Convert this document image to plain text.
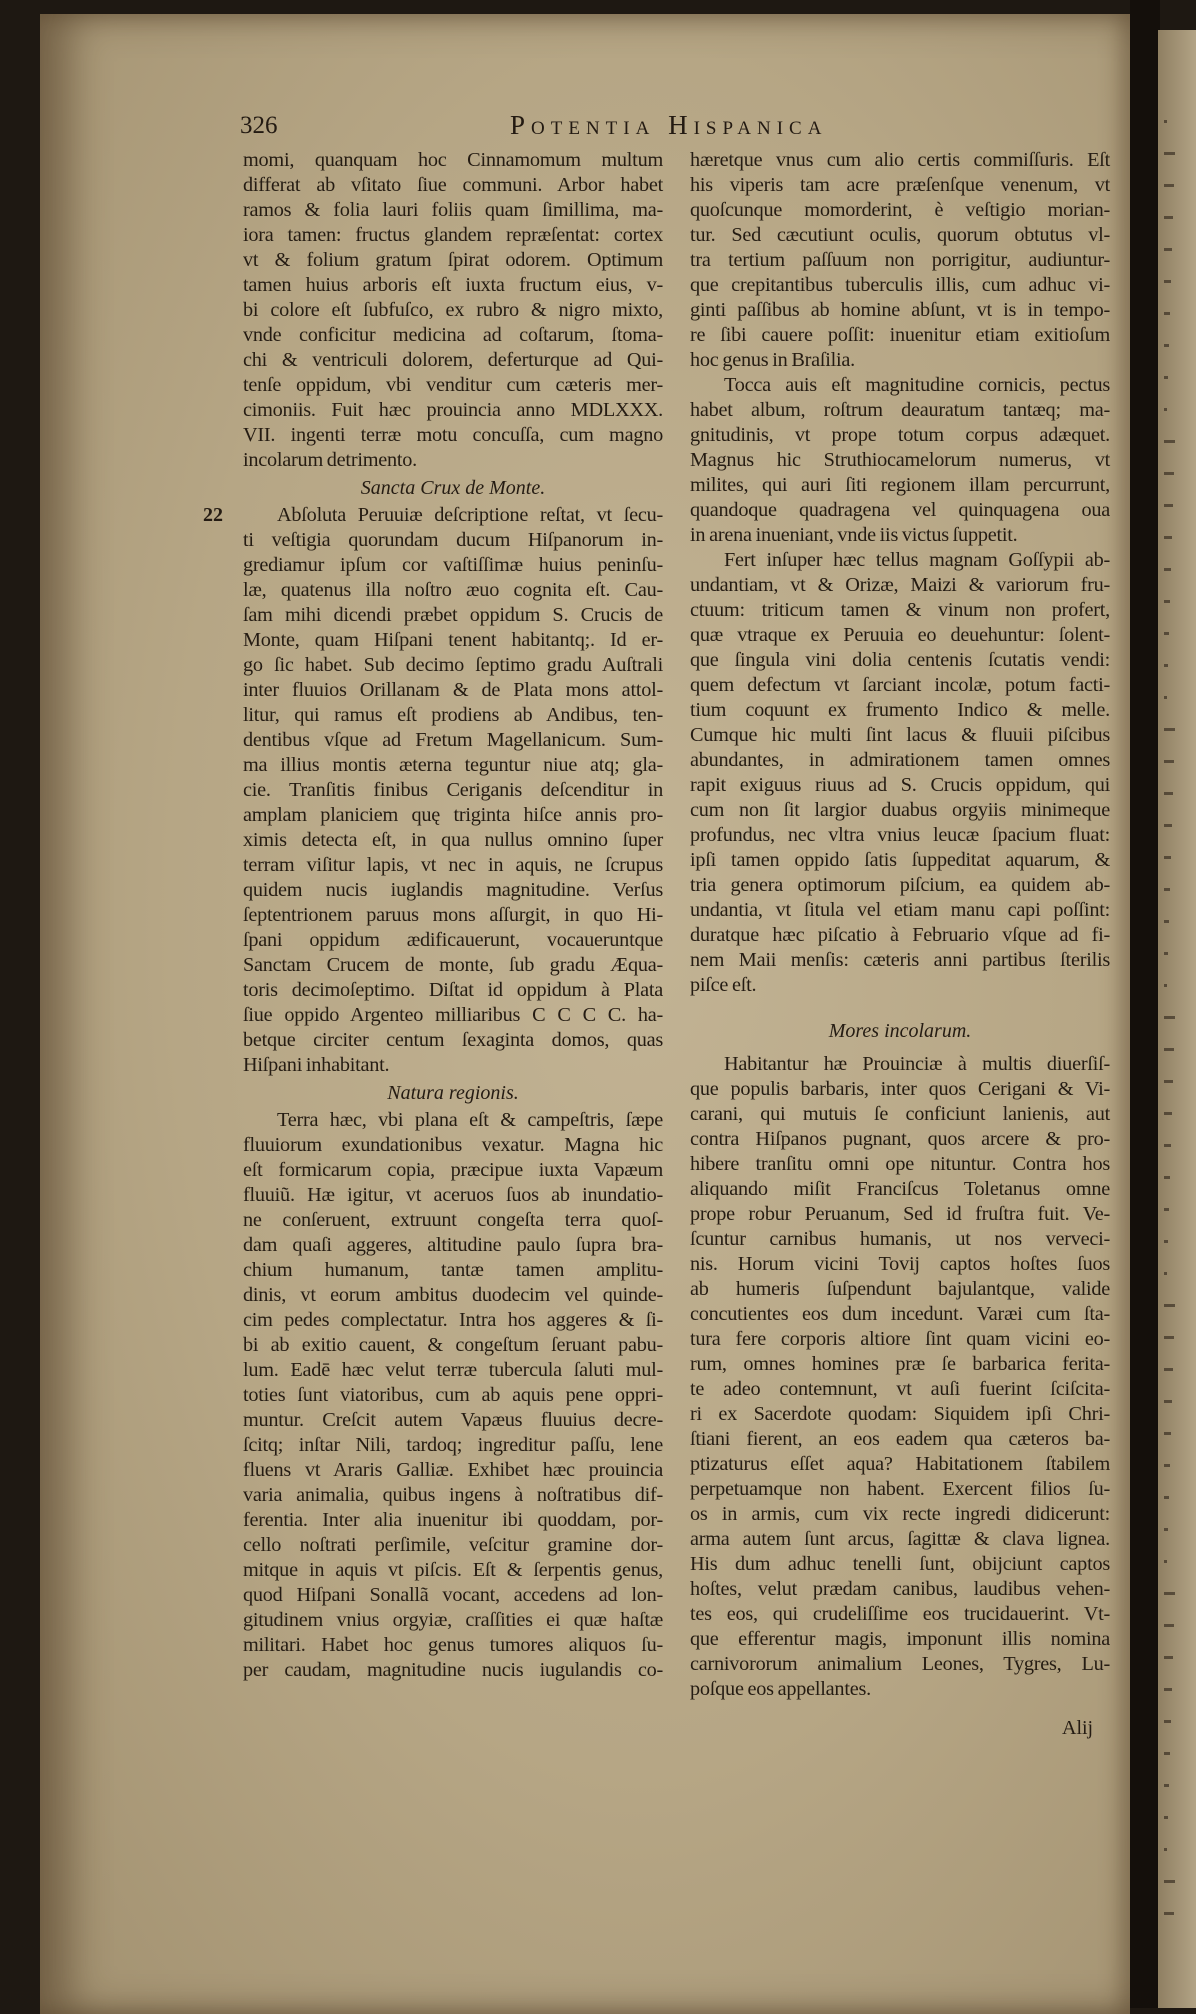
326	Potentia Hispanica
22
momi, quanquam hoc Cinnamomum multum
differat ab vſitato ſiue communi. Arbor habet
ramos & folia lauri foliis quam ſimillima, ma-
iora tamen: fructus glandem repræſentat: cortex
vt & folium gratum ſpirat odorem. Optimum
tamen huius arboris eſt iuxta fructum eius, v-
bi colore eſt ſubfuſco, ex rubro & nigro mixto,
vnde conficitur medicina ad coſtarum, ſtoma-
chi & ventriculi dolorem, deferturque ad Qui-
tenſe oppidum, vbi venditur cum cæteris mer-
cimoniis. Fuit hæc prouincia anno MDLXXX.
VII. ingenti terræ motu concuſſa, cum magno
incolarum detrimento.
Sancta Crux de Monte.
Abſoluta Peruuiæ deſcriptione reſtat, vt ſecu-
ti veſtigia quorundam ducum Hiſpanorum in-
grediamur ipſum cor vaſtiſſimæ huius peninſu-
læ, quatenus illa noſtro æuo cognita eſt. Cau-
ſam mihi dicendi præbet oppidum S. Crucis de
Monte, quam Hiſpani tenent habitantq;. Id er-
go ſic habet. Sub decimo ſeptimo gradu Auſtrali
inter fluuios Orillanam & de Plata mons attol-
litur, qui ramus eſt prodiens ab Andibus, ten-
dentibus vſque ad Fretum Magellanicum. Sum-
ma illius montis æterna teguntur niue atq; gla-
cie. Tranſitis finibus Ceriganis deſcenditur in
amplam planiciem quę triginta hiſce annis pro-
ximis detecta eſt, in qua nullus omnino ſuper
terram viſitur lapis, vt nec in aquis, ne ſcrupus
quidem nucis iuglandis magnitudine. Verſus
ſeptentrionem paruus mons aſſurgit, in quo Hi-
ſpani oppidum ædificauerunt, vocaueruntque
Sanctam Crucem de monte, ſub gradu Æqua-
toris decimoſeptimo. Diſtat id oppidum à Plata
ſiue oppido Argenteo milliaribus C C C C. ha-
betque circiter centum ſexaginta domos, quas
Hiſpani inhabitant.
Natura regionis.
Terra hæc, vbi plana eſt & campeſtris, ſæpe
fluuiorum exundationibus vexatur. Magna hic
eſt formicarum copia, præcipue iuxta Vapæum
fluuiũ. Hæ igitur, vt aceruos ſuos ab inundatio-
ne conſeruent, extruunt congeſta terra quoſ-
dam quaſi aggeres, altitudine paulo ſupra bra-
chium humanum, tantæ tamen amplitu-
dinis, vt eorum ambitus duodecim vel quinde-
cim pedes complectatur. Intra hos aggeres & ſi-
bi ab exitio cauent, & congeſtum ſeruant pabu-
lum. Eadē hæc velut terræ tubercula ſaluti mul-
toties ſunt viatoribus, cum ab aquis pene oppri-
muntur. Creſcit autem Vapæus fluuius decre-
ſcitq; inſtar Nili, tardoq; ingreditur paſſu, lene
fluens vt Araris Galliæ. Exhibet hæc prouincia
varia animalia, quibus ingens à noſtratibus dif-
ferentia. Inter alia inuenitur ibi quoddam, por-
cello noſtrati perſimile, veſcitur gramine dor-
mitque in aquis vt piſcis. Eſt & ſerpentis genus,
quod Hiſpani Sonallã vocant, accedens ad lon-
gitudinem vnius orgyiæ, craſſities ei quæ haſtæ
militari. Habet hoc genus tumores aliquos ſu-
per caudam, magnitudine nucis iugulandis co-
hæretque vnus cum alio certis commiſſuris. Eſt
his viperis tam acre præſenſque venenum, vt
quoſcunque momorderint, è veſtigio morian-
tur. Sed cæcutiunt oculis, quorum obtutus vl-
tra tertium paſſuum non porrigitur, audiuntur-
que crepitantibus tuberculis illis, cum adhuc vi-
ginti paſſibus ab homine abſunt, vt is in tempo-
re ſibi cauere poſſit: inuenitur etiam exitioſum
hoc genus in Braſilia.
Tocca auis eſt magnitudine cornicis, pectus
habet album, roſtrum deauratum tantæq; ma-
gnitudinis, vt prope totum corpus adæquet.
Magnus hic Struthiocamelorum numerus, vt
milites, qui auri ſiti regionem illam percurrunt,
quandoque quadragena vel quinquagena oua
in arena inueniant, vnde iis victus ſuppetit.
Fert inſuper hæc tellus magnam Goſſypii ab-
undantiam, vt & Orizæ, Maizi & variorum fru-
ctuum: triticum tamen & vinum non profert,
quæ vtraque ex Peruuia eo deuehuntur: ſolent-
que ſingula vini dolia centenis ſcutatis vendi:
quem defectum vt ſarciant incolæ, potum facti-
tium coquunt ex frumento Indico & melle.
Cumque hic multi ſint lacus & fluuii piſcibus
abundantes, in admirationem tamen omnes
rapit exiguus riuus ad S. Crucis oppidum, qui
cum non ſit largior duabus orgyiis minimeque
profundus, nec vltra vnius leucæ ſpacium fluat:
ipſi tamen oppido ſatis ſuppeditat aquarum, &
tria genera optimorum piſcium, ea quidem ab-
undantia, vt ſitula vel etiam manu capi poſſint:
duratque hæc piſcatio à Februario vſque ad fi-
nem Maii menſis: cæteris anni partibus ſterilis
piſce eſt.
Mores incolarum.
Habitantur hæ Prouinciæ à multis diuerſiſ-
que populis barbaris, inter quos Cerigani & Vi-
carani, qui mutuis ſe conficiunt lanienis, aut
contra Hiſpanos pugnant, quos arcere & pro-
hibere tranſitu omni ope nituntur. Contra hos
aliquando miſit Franciſcus Toletanus omne
prope robur Peruanum, Sed id fruſtra fuit. Ve-
ſcuntur carnibus humanis, ut nos verveci-
nis. Horum vicini Tovij captos hoſtes ſuos
ab humeris ſuſpendunt bajulantque, valide
concutientes eos dum incedunt. Varæi cum ſta-
tura fere corporis altiore ſint quam vicini eo-
rum, omnes homines præ ſe barbarica ferita-
te adeo contemnunt, vt auſi fuerint ſciſcita-
ri ex Sacerdote quodam: Siquidem ipſi Chri-
ſtiani fierent, an eos eadem qua cæteros ba-
ptizaturus eſſet aqua? Habitationem ſtabilem
perpetuamque non habent. Exercent filios ſu-
os in armis, cum vix recte ingredi didicerunt:
arma autem ſunt arcus, ſagittæ & clava lignea.
His dum adhuc tenelli ſunt, obijciunt captos
hoſtes, velut prædam canibus, laudibus vehen-
tes eos, qui crudeliſſime eos trucidauerint. Vt-
que efferentur magis, imponunt illis nomina
carnivororum animalium Leones, Tygres, Lu-
poſque eos appellantes.
Alij
